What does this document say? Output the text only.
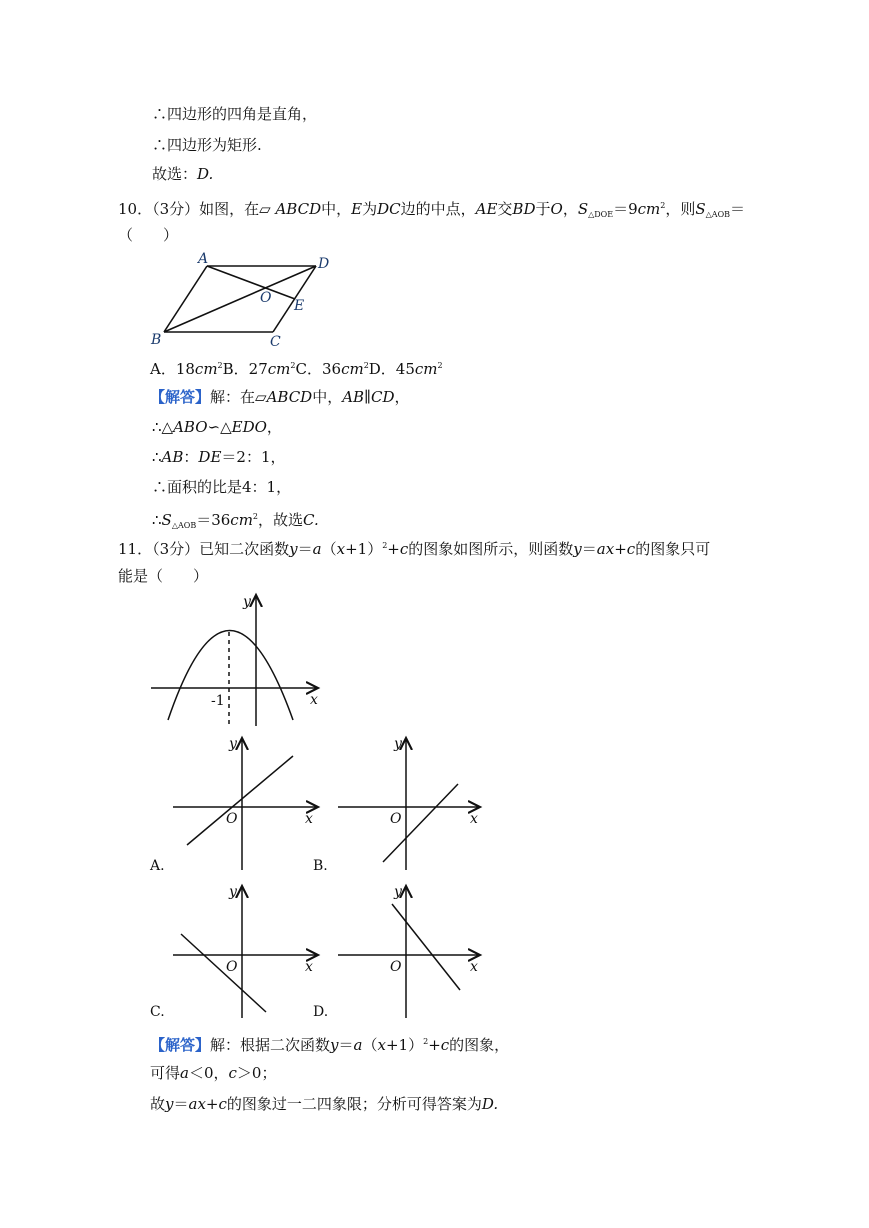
∴四边形的四角是直角，
∴四边形为矩形.
故选：D.
10．（3分）如图，在▱ ABCD中，E为DC边的中点，AE交BD于O，$S_{\triangle DOE}=9cm^2$，则$S_{\triangle AOB}=$
（　　）
A	D
B	C
E
O
A．$18cm^2B$．$27cm^2C$．$36cm^2D$．$45cm^2$
【解答】解：在▱ABCD中，AB∥CD，
∴△ABO∽△EDO，
∴AB：DE＝2：1，
∴面积的比是4：1，
$\therefore S_{\triangle AOB}=36cm^2$，故选C.
11．（3分）已知二次函数$y=a(x+1)^2+c$的图象如图所示，则函数y＝ax+c的图象只可
能是（　　）
y
x
-1
y
x
O
A.
y
x
O
B.
y
x
O
C.
y
x
O
D.
【解答】解：根据二次函数$y=a(x+1)^2+c$的图象，
可得a＜0，c＞0；
故y＝ax+c的图象过一二四象限；分析可得答案为D.
